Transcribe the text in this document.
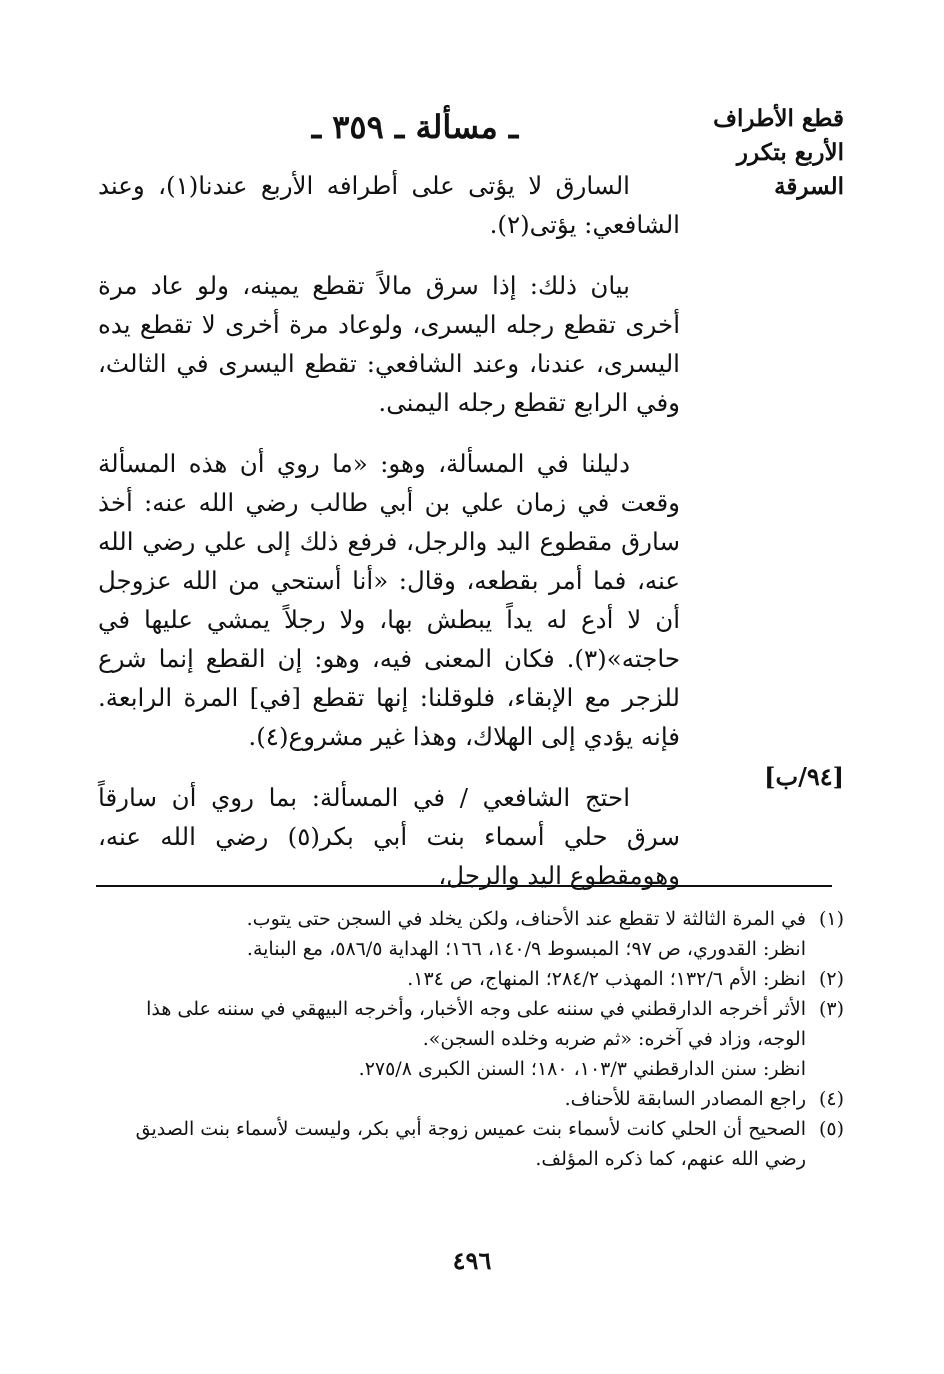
قطع الأطراف
الأربع بتكرر
السرقة
ـ مسألة ـ ٣٥٩ ـ

السارق لا يؤتى على أطرافه الأربع عندنا(١)، وعند الشافعي: يؤتى(٢).

بيان ذلك: إذا سرق مالاً تقطع يمينه، ولو عاد مرة أخرى تقطع رجله اليسرى، ولوعاد مرة أخرى لا تقطع يده اليسرى، عندنا، وعند الشافعي: تقطع اليسرى في الثالث، وفي الرابع تقطع رجله اليمنى.

دليلنا في المسألة، وهو: «ما روي أن هذه المسألة وقعت في زمان علي بن أبي طالب رضي الله عنه: أخذ سارق مقطوع اليد والرجل، فرفع ذلك إلى علي رضي الله عنه، فما أمر بقطعه، وقال: «أنا أستحي من الله عزوجل أن لا أدع له يداً يبطش بها، ولا رجلاً يمشي عليها في حاجته»(٣). فكان المعنى فيه، وهو: إن القطع إنما شرع للزجر مع الإبقاء، فلوقلنا: إنها تقطع [في] المرة الرابعة. فإنه يؤدي إلى الهلاك، وهذا غير مشروع(٤).

احتج الشافعي / في المسألة: بما روي أن سارقاً سرق حلي أسماء بنت أبي بكر(٥) رضي الله عنه، وهومقطوع اليد والرجل،

[٩٤/ب]
(١)
في المرة الثالثة لا تقطع عند الأحناف، ولكن يخلد في السجن حتى يتوب.
انظر: القدوري، ص ٩٧؛ المبسوط ١٤٠/٩، ١٦٦؛ الهداية ٥٨٦/٥، مع البناية.
(٢)
انظر: الأم ١٣٢/٦؛ المهذب ٢٨٤/٢؛ المنهاج، ص ١٣٤.
(٣)
الأثر أخرجه الدارقطني في سننه على وجه الأخبار، وأخرجه البيهقي في سننه على هذا الوجه، وزاد في آخره: «ثم ضربه وخلده السجن».
انظر: سنن الدارقطني ١٠٣/٣، ١٨٠؛ السنن الكبرى ٢٧٥/٨.
(٤)
راجع المصادر السابقة للأحناف.
(٥)
الصحيح أن الحلي كانت لأسماء بنت عميس زوجة أبي بكر، وليست لأسماء بنت الصديق رضي الله عنهم، كما ذكره المؤلف.
٤٩٦
